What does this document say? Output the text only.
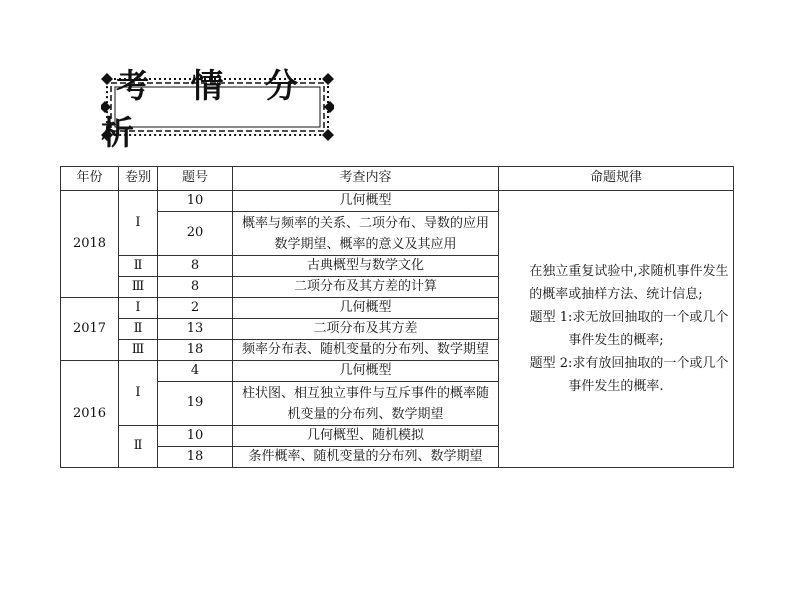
考 情 分 析
年份	卷别	题号	考查内容	命题规律
2018	Ⅰ	10	几何概型	在独立重复试验中,求随机事件发生的概率或抽样方法、统计信息;

题型 1:求无放回抽取的一个或几个事件发生的概率;

题型 2:求有放回抽取的一个或几个事件发生的概率.

		20	概率与频率的关系、二项分布、导数的应用数学期望、概率的意义及其应用	
	Ⅱ	8	古典概型与数学文化	
	Ⅲ	8	二项分布及其方差的计算	
2017	Ⅰ	2	几何概型	
	Ⅱ	13	二项分布及其方差	
	Ⅲ	18	频率分布表、随机变量的分布列、数学期望	
2016	Ⅰ	4	几何概型	
		19	柱状图、相互独立事件与互斥事件的概率随机变量的分布列、数学期望	
	Ⅱ	10	几何概型、随机模拟	
		18	条件概率、随机变量的分布列、数学期望	
